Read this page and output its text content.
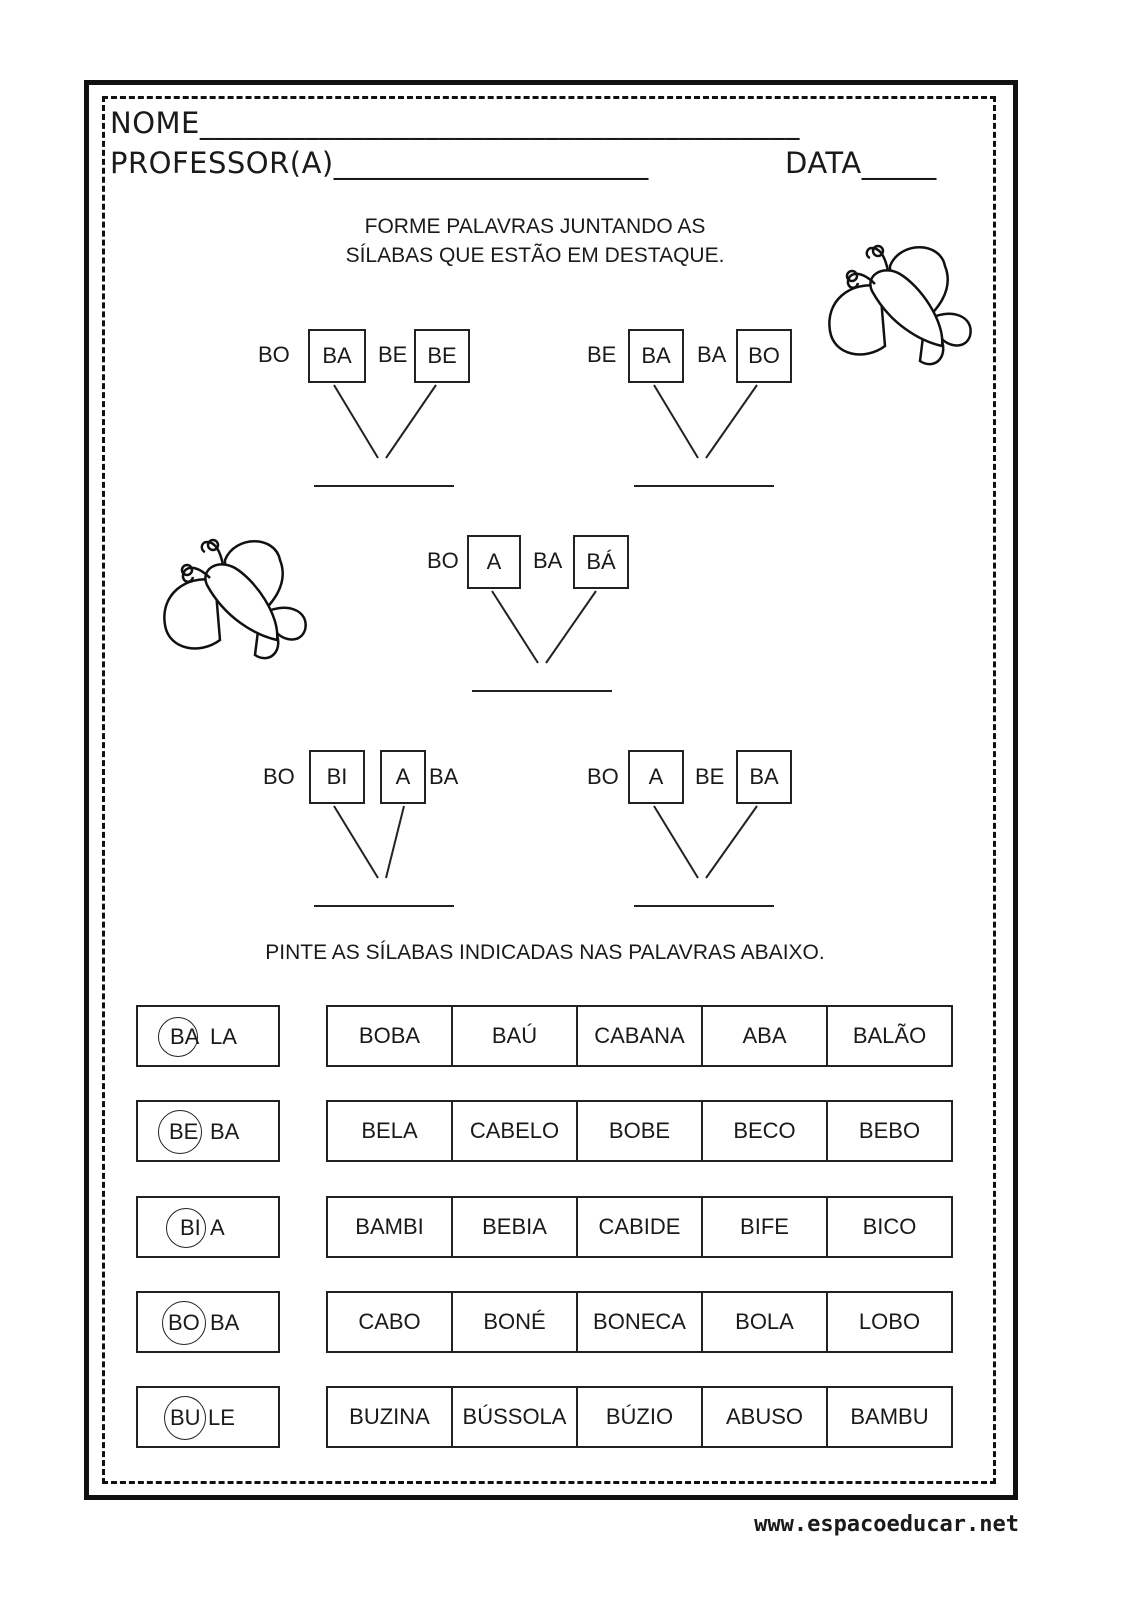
NOME________________________________________
PROFESSOR(A)_____________________	DATA_____
FORME PALAVRAS JUNTANDO AS
SÍLABAS QUE ESTÃO EM DESTAQUE.
BO	BA	BE BE	BE	BA	BA BO
BO	A	BA	BÁ
BO	BI	A BA	BO	A	BE	BA
PINTE AS SÍLABAS INDICADAS NAS PALAVRAS ABAIXO.
BA LA	BOBA	BAÚ	CABANA	ABA	BALÃO
BE BA	BELA	CABELO	BOBE	BECO	BEBO
BI A	BAMBI	BEBIA	CABIDE	BIFE	BICO
BO BA	CABO	BONÉ	BONECA	BOLA	LOBO
BU LE	BUZINA	BÚSSOLA	BÚZIO	ABUSO	BAMBU
www.espacoeducar.net
